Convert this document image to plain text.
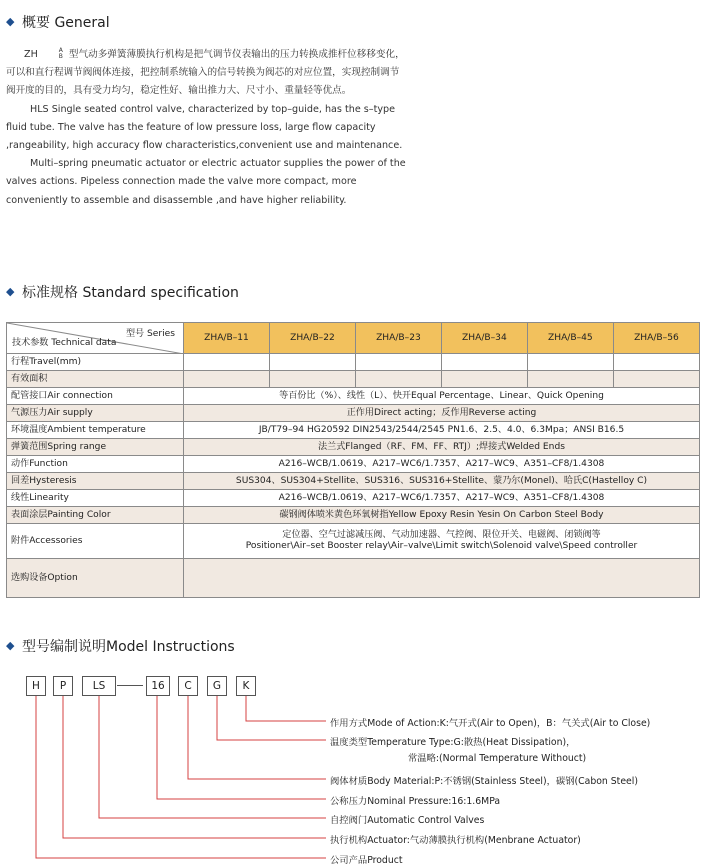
◆ 概要 General

ZH	A
B 型气动多弹簧薄膜执行机构是把气调节仪表输出的压力转换成推杆位移移变化，可以和直行程调节阀阀体连接，把控制系统输入的信号转换为阀芯的对应位置，实现控制调节阀开度的目的，具有受力均匀，稳定性好、输出推力大、尺寸小、重量轻等优点。

HLS Single seated control valve, characterized by top–guide, has the s–type fluid tube. The valve has the feature of low pressure loss, large flow capacity ,rangeability, high accuracy flow characteristics,convenient use and maintenance.

Multi–spring pneumatic actuator or electric actuator supplies the power of the valves actions. Pipeless connection made the valve more compact, more conveniently to assemble and disassemble ,and have higher reliability.

◆ 标准规格 Standard specification
型号 Series
技术参数 Technical data	ZHA/B–11	ZHA/B–22	ZHA/B–23	ZHA/B–34	ZHA/B–45	ZHA/B–56
行程Travel(mm)						
有效面积						
配管接口Air connection	等百份比（%）、线性（L）、快开Equal Percentage、Linear、Quick Opening					
气源压力Air supply	正作用Direct acting；反作用Reverse acting					
环境温度Ambient temperature	JB/T79–94 HG20592 DIN2543/2544/2545 PN1.6、2.5、4.0、6.3Mpa；ANSI B16.5					
弹簧范围Spring range	法兰式Flanged（RF、FM、FF、RTJ）;焊接式Welded Ends					
动作Function	A216–WCB/1.0619、A217–WC6/1.7357、A217–WC9、A351–CF8/1.4308					
回差Hysteresis	SUS304、SUS304+Stellite、SUS316、SUS316+Stellite、蒙乃尔(Monel)、哈氏C(Hastelloy C)					
线性Linearity	A216–WCB/1.0619、A217–WC6/1.7357、A217–WC9、A351–CF8/1.4308					
表面涂层Painting Color	碳钢阀体喷米黄色环氧树指Yellow Epoxy Resin Yesin On Carbon Steel Body					
附件Accessories	定位器、空气过滤减压阀、气动加速器、气控阀、限位开关、电磁阀、闭锁阀等
Positioner\Air–set Booster relay\Air–valve\Limit switch\Solenoid valve\Speed controller					

选购设备Option						
◆ 型号编制说明Model Instructions
H	P	LS	16	C	G	K
作用方式Mode of Action:K:气开式(Air to Open)，B：气关式(Air to Close)
温度类型Temperature Type:G:散热(Heat Dissipation)，
常温略:(Normal Temperature Withouct)
阀体材质Body Material:P:不锈钢(Stainless Steel)，碳钢(Cabon Steel)
公称压力Nominal Pressure:16:1.6MPa
自控阀门Automatic Control Valves
执行机构Actuator:气动薄膜执行机构(Menbrane Actuator)
公司产品Product
